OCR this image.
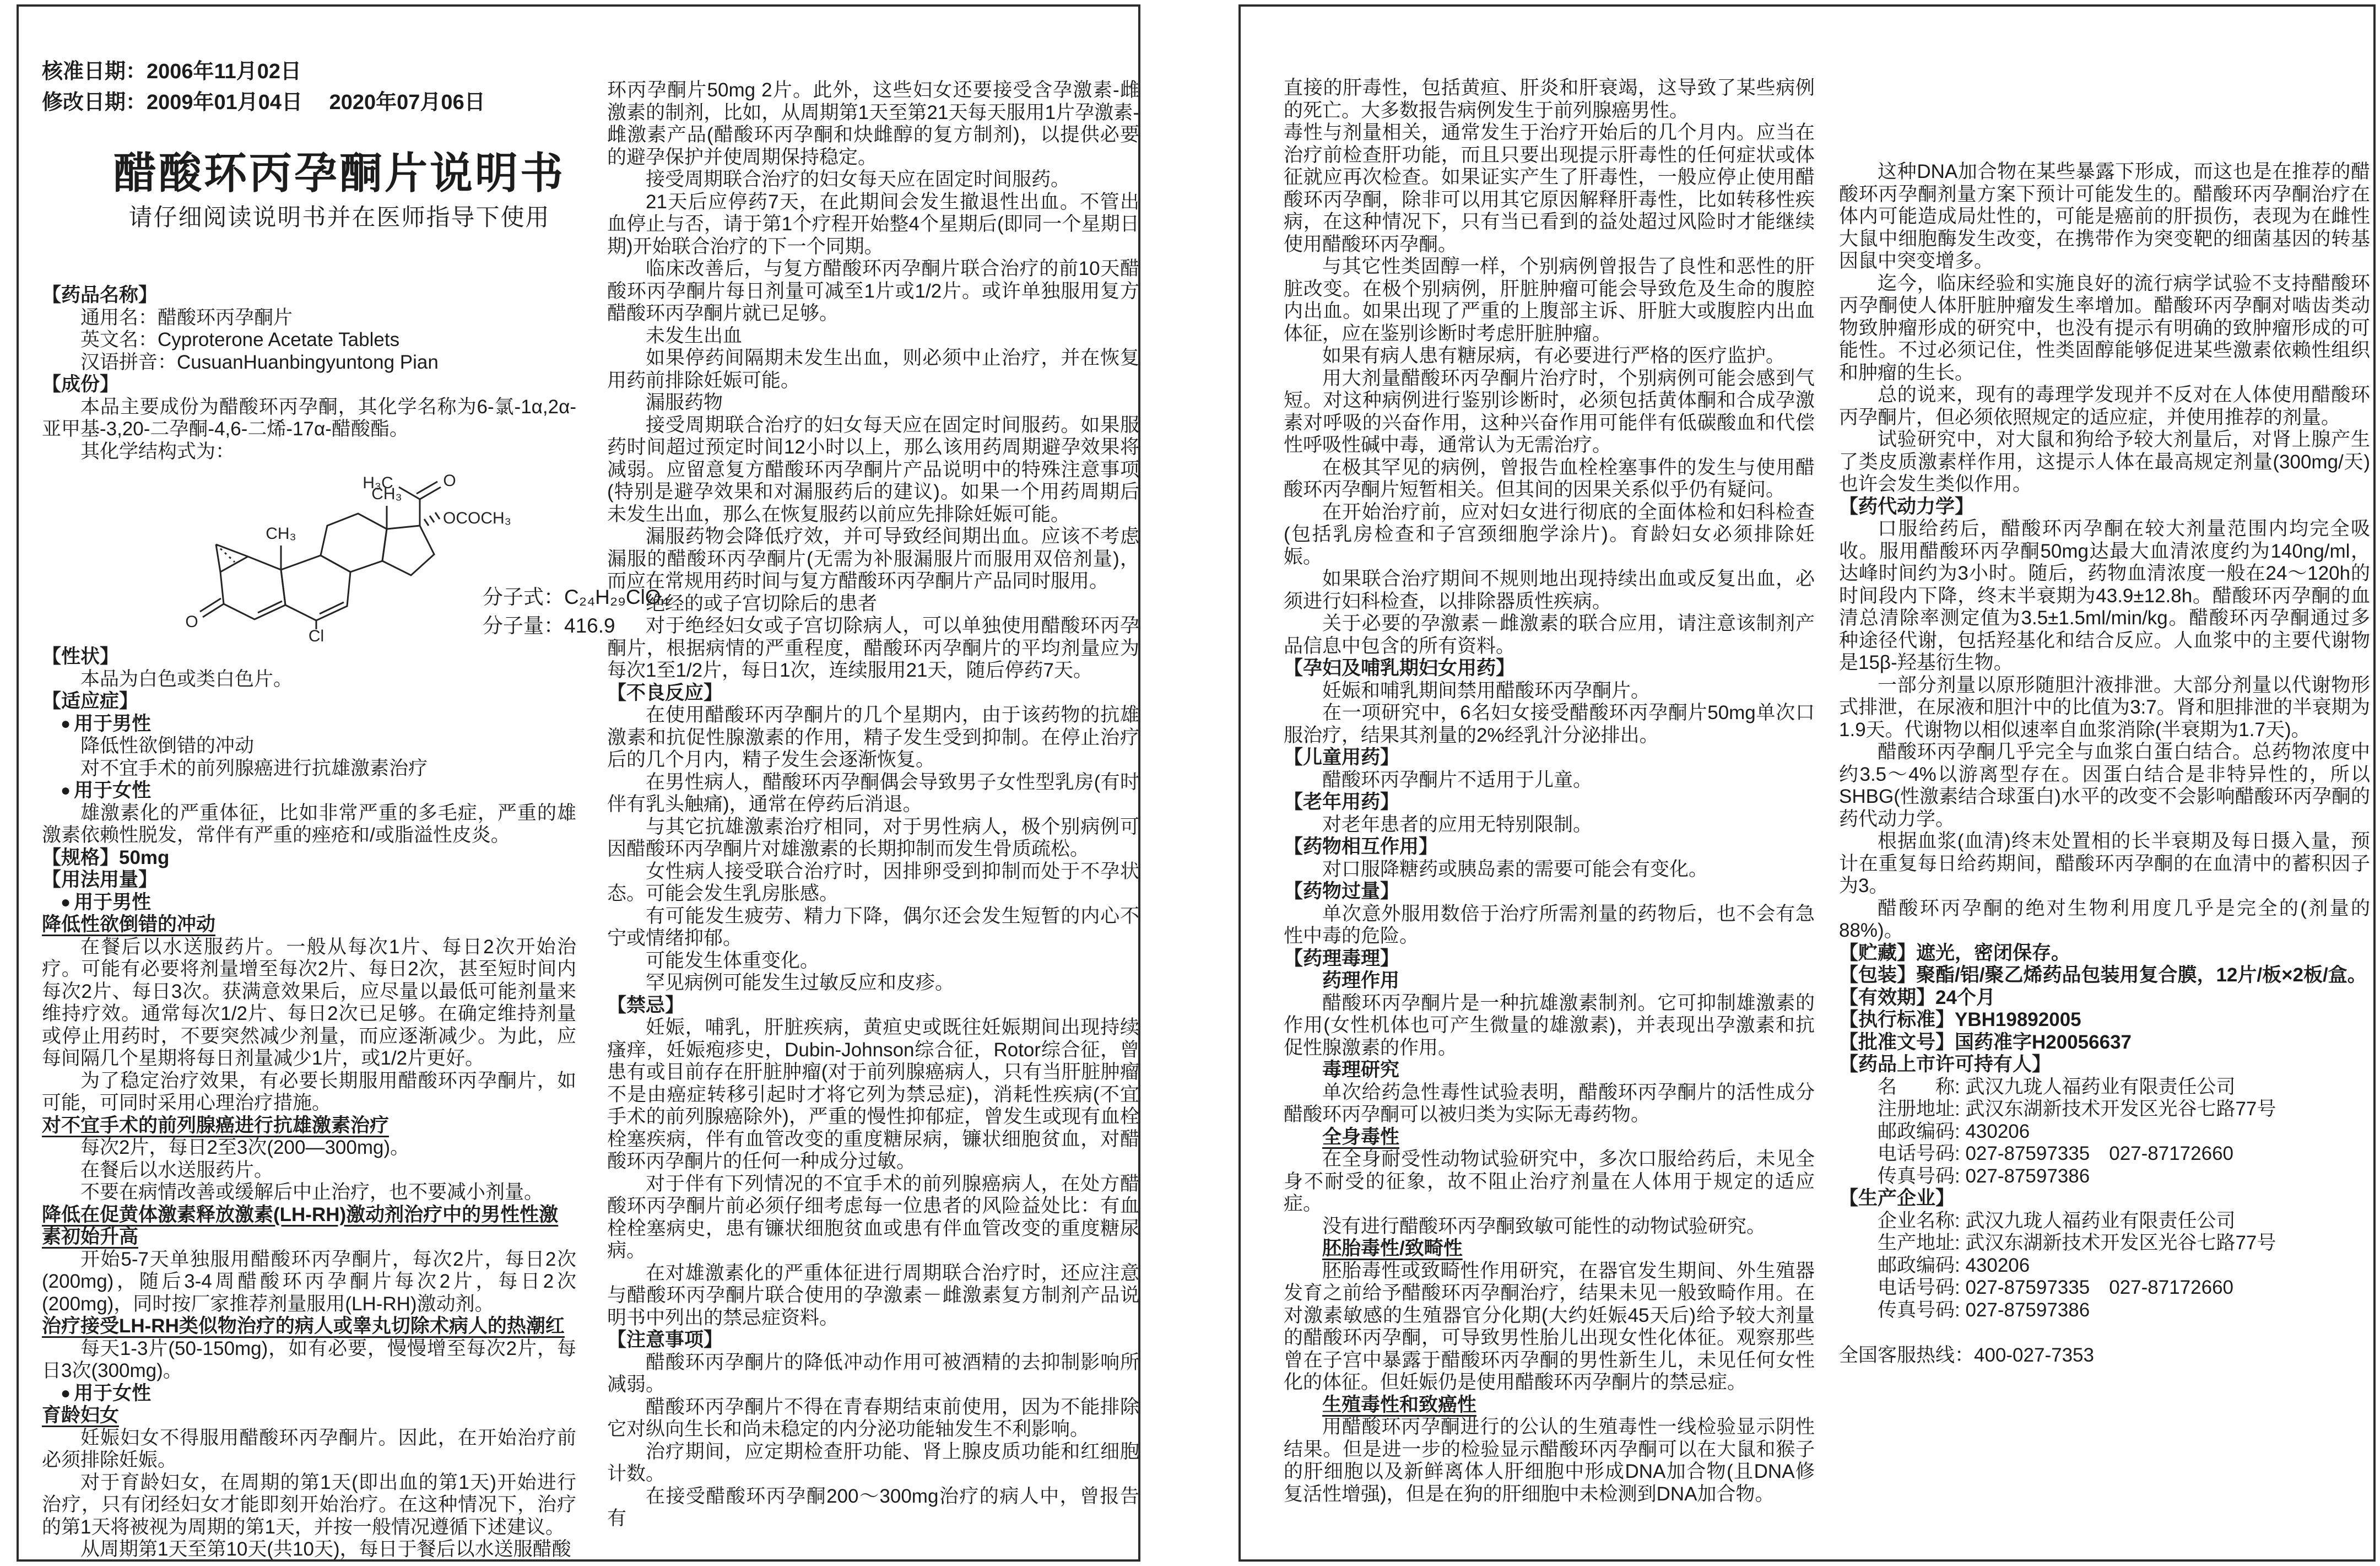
核准日期：2006年11月02日
修改日期：2009年01月04日　 2020年07月06日
醋酸环丙孕酮片说明书
请仔细阅读说明书并在医师指导下使用
【药品名称】
通用名：醋酸环丙孕酮片
英文名：Cyproterone Acetate Tablets
汉语拼音：CusuanHuanbingyuntong Pian
【成份】
本品主要成份为醋酸环丙孕酮，其化学名称为6-氯-1α,2α-亚甲基-3,20-二孕酮-4,6-二烯-17α-醋酸酯。
其化学结构式为：
H₃C	O
OCOCH₃
CH₃
CH₃
O
Cl
分子式：C₂₄H₂₉ClO₄
分子量：416.9
【性状】
本品为白色或类白色片。
【适应症】
● 用于男性
降低性欲倒错的冲动
对不宜手术的前列腺癌进行抗雄激素治疗
● 用于女性
雄激素化的严重体征，比如非常严重的多毛症，严重的雄激素依赖性脱发，常伴有严重的痤疮和/或脂溢性皮炎。
【规格】50mg
【用法用量】
● 用于男性
降低性欲倒错的冲动
在餐后以水送服药片。一般从每次1片、每日2次开始治疗。可能有必要将剂量增至每次2片、每日2次，甚至短时间内每次2片、每日3次。获满意效果后，应尽量以最低可能剂量来维持疗效。通常每次1/2片、每日2次已足够。在确定维持剂量或停止用药时，不要突然减少剂量，而应逐渐减少。为此，应每间隔几个星期将每日剂量减少1片，或1/2片更好。
为了稳定治疗效果，有必要长期服用醋酸环丙孕酮片，如可能，可同时采用心理治疗措施。
对不宜手术的前列腺癌进行抗雄激素治疗
每次2片，每日2至3次(200—300mg)。
在餐后以水送服药片。
不要在病情改善或缓解后中止治疗，也不要减小剂量。
降低在促黄体激素释放激素(LH-RH)激动剂治疗中的男性性激素初始升高
开始5-7天单独服用醋酸环丙孕酮片，每次2片，每日2次(200mg)，随后3-4周醋酸环丙孕酮片每次2片，每日2次(200mg)，同时按厂家推荐剂量服用(LH-RH)激动剂。
治疗接受LH-RH类似物治疗的病人或睾丸切除术病人的热潮红
每天1-3片(50-150mg)，如有必要，慢慢增至每次2片，每日3次(300mg)。
● 用于女性
育龄妇女
妊娠妇女不得服用醋酸环丙孕酮片。因此，在开始治疗前必须排除妊娠。
对于育龄妇女，在周期的第1天(即出血的第1天)开始进行治疗，只有闭经妇女才能即刻开始治疗。在这种情况下，治疗的第1天将被视为周期的第1天，并按一般情况遵循下述建议。
从周期第1天至第10天(共10天)，每日于餐后以水送服醋酸
环丙孕酮片50mg 2片。此外，这些妇女还要接受含孕激素-雌激素的制剂，比如，从周期第1天至第21天每天服用1片孕激素-雌激素产品(醋酸环丙孕酮和炔雌醇的复方制剂)，以提供必要的避孕保护并使周期保持稳定。
接受周期联合治疗的妇女每天应在固定时间服药。
21天后应停药7天，在此期间会发生撤退性出血。不管出血停止与否，请于第1个疗程开始整4个星期后(即同一个星期日期)开始联合治疗的下一个同期。
临床改善后，与复方醋酸环丙孕酮片联合治疗的前10天醋酸环丙孕酮片每日剂量可减至1片或1/2片。或许单独服用复方醋酸环丙孕酮片就已足够。
未发生出血
如果停药间隔期未发生出血，则必须中止治疗，并在恢复用药前排除妊娠可能。
漏服药物
接受周期联合治疗的妇女每天应在固定时间服药。如果服药时间超过预定时间12小时以上，那么该用药周期避孕效果将减弱。应留意复方醋酸环丙孕酮片产品说明中的特殊注意事项(特别是避孕效果和对漏服药后的建议)。如果一个用药周期后未发生出血，那么在恢复服药以前应先排除妊娠可能。
漏服药物会降低疗效，并可导致经间期出血。应该不考虑漏服的醋酸环丙孕酮片(无需为补服漏服片而服用双倍剂量)，而应在常规用药时间与复方醋酸环丙孕酮片产品同时服用。
绝经的或子宫切除后的患者
对于绝经妇女或子宫切除病人，可以单独使用醋酸环丙孕酮片，根据病情的严重程度，醋酸环丙孕酮片的平均剂量应为每次1至1/2片，每日1次，连续服用21天，随后停药7天。
【不良反应】
在使用醋酸环丙孕酮片的几个星期内，由于该药物的抗雄激素和抗促性腺激素的作用，精子发生受到抑制。在停止治疗后的几个月内，精子发生会逐渐恢复。
在男性病人，醋酸环丙孕酮偶会导致男子女性型乳房(有时伴有乳头触痛)，通常在停药后消退。
与其它抗雄激素治疗相同，对于男性病人，极个别病例可因醋酸环丙孕酮片对雄激素的长期抑制而发生骨质疏松。
女性病人接受联合治疗时，因排卵受到抑制而处于不孕状态。可能会发生乳房胀感。
有可能发生疲劳、精力下降，偶尔还会发生短暂的内心不宁或情绪抑郁。
可能发生体重变化。
罕见病例可能发生过敏反应和皮疹。
【禁忌】
妊娠，哺乳，肝脏疾病，黄疸史或既往妊娠期间出现持续瘙痒，妊娠疱疹史，Dubin-Johnson综合征，Rotor综合征，曾患有或目前存在肝脏肿瘤(对于前列腺癌病人，只有当肝脏肿瘤不是由癌症转移引起时才将它列为禁忌症)，消耗性疾病(不宜手术的前列腺癌除外)，严重的慢性抑郁症，曾发生或现有血栓栓塞疾病，伴有血管改变的重度糖尿病，镰状细胞贫血，对醋酸环丙孕酮片的任何一种成分过敏。
对于伴有下列情况的不宜手术的前列腺癌病人，在处方醋酸环丙孕酮片前必须仔细考虑每一位患者的风险益处比：有血栓栓塞病史，患有镰状细胞贫血或患有伴血管改变的重度糖尿病。
在对雄激素化的严重体征进行周期联合治疗时，还应注意与醋酸环丙孕酮片联合使用的孕激素－雌激素复方制剂产品说明书中列出的禁忌症资料。
【注意事项】
醋酸环丙孕酮片的降低冲动作用可被酒精的去抑制影响所减弱。
醋酸环丙孕酮片不得在青春期结束前使用，因为不能排除它对纵向生长和尚未稳定的内分泌功能轴发生不利影响。
治疗期间，应定期检查肝功能、肾上腺皮质功能和红细胞计数。
在接受醋酸环丙孕酮200～300mg治疗的病人中，曾报告有
直接的肝毒性，包括黄疸、肝炎和肝衰竭，这导致了某些病例的死亡。大多数报告病例发生于前列腺癌男性。
毒性与剂量相关，通常发生于治疗开始后的几个月内。应当在治疗前检查肝功能，而且只要出现提示肝毒性的任何症状或体征就应再次检查。如果证实产生了肝毒性，一般应停止使用醋酸环丙孕酮，除非可以用其它原因解释肝毒性，比如转移性疾病，在这种情况下，只有当已看到的益处超过风险时才能继续使用醋酸环丙孕酮。
与其它性类固醇一样，个别病例曾报告了良性和恶性的肝脏改变。在极个别病例，肝脏肿瘤可能会导致危及生命的腹腔内出血。如果出现了严重的上腹部主诉、肝脏大或腹腔内出血体征，应在鉴别诊断时考虑肝脏肿瘤。
如果有病人患有糖尿病，有必要进行严格的医疗监护。
用大剂量醋酸环丙孕酮片治疗时，个别病例可能会感到气短。对这种病例进行鉴别诊断时，必须包括黄体酮和合成孕激素对呼吸的兴奋作用，这种兴奋作用可能伴有低碳酸血和代偿性呼吸性碱中毒，通常认为无需治疗。
在极其罕见的病例，曾报告血栓栓塞事件的发生与使用醋酸环丙孕酮片短暂相关。但其间的因果关系似乎仍有疑问。
在开始治疗前，应对妇女进行彻底的全面体检和妇科检查(包括乳房检查和子宫颈细胞学涂片)。育龄妇女必须排除妊娠。
如果联合治疗期间不规则地出现持续出血或反复出血，必须进行妇科检查，以排除器质性疾病。
关于必要的孕激素－雌激素的联合应用，请注意该制剂产品信息中包含的所有资料。
【孕妇及哺乳期妇女用药】
妊娠和哺乳期间禁用醋酸环丙孕酮片。
在一项研究中，6名妇女接受醋酸环丙孕酮片50mg单次口服治疗，结果其剂量的2%经乳汁分泌排出。
【儿童用药】
醋酸环丙孕酮片不适用于儿童。
【老年用药】
对老年患者的应用无特别限制。
【药物相互作用】
对口服降糖药或胰岛素的需要可能会有变化。
【药物过量】
单次意外服用数倍于治疗所需剂量的药物后，也不会有急性中毒的危险。
【药理毒理】
药理作用
醋酸环丙孕酮片是一种抗雄激素制剂。它可抑制雄激素的作用(女性机体也可产生微量的雄激素)，并表现出孕激素和抗促性腺激素的作用。
毒理研究
单次给药急性毒性试验表明，醋酸环丙孕酮片的活性成分醋酸环丙孕酮可以被归类为实际无毒药物。
全身毒性
在全身耐受性动物试验研究中，多次口服给药后，未见全身不耐受的征象，故不阻止治疗剂量在人体用于规定的适应症。
没有进行醋酸环丙孕酮致敏可能性的动物试验研究。
胚胎毒性/致畸性
胚胎毒性或致畸性作用研究，在器官发生期间、外生殖器发育之前给予醋酸环丙孕酮治疗，结果未见一般致畸作用。在对激素敏感的生殖器官分化期(大约妊娠45天后)给予较大剂量的醋酸环丙孕酮，可导致男性胎儿出现女性化体征。观察那些曾在子宫中暴露于醋酸环丙孕酮的男性新生儿，未见任何女性化的体征。但妊娠仍是使用醋酸环丙孕酮片的禁忌症。
生殖毒性和致癌性
用醋酸环丙孕酮进行的公认的生殖毒性一线检验显示阴性结果。但是进一步的检验显示醋酸环丙孕酮可以在大鼠和猴子的肝细胞以及新鲜离体人肝细胞中形成DNA加合物(且DNA修复活性增强)，但是在狗的肝细胞中未检测到DNA加合物。
这种DNA加合物在某些暴露下形成，而这也是在推荐的醋酸环丙孕酮剂量方案下预计可能发生的。醋酸环丙孕酮治疗在体内可能造成局灶性的，可能是癌前的肝损伤，表现为在雌性大鼠中细胞酶发生改变，在携带作为突变靶的细菌基因的转基因鼠中突变增多。
迄今，临床经验和实施良好的流行病学试验不支持醋酸环丙孕酮使人体肝脏肿瘤发生率增加。醋酸环丙孕酮对啮齿类动物致肿瘤形成的研究中，也没有提示有明确的致肿瘤形成的可能性。不过必须记住，性类固醇能够促进某些激素依赖性组织和肿瘤的生长。
总的说来，现有的毒理学发现并不反对在人体使用醋酸环丙孕酮片，但必须依照规定的适应症，并使用推荐的剂量。
试验研究中，对大鼠和狗给予较大剂量后，对肾上腺产生了类皮质激素样作用，这提示人体在最高规定剂量(300mg/天)也许会发生类似作用。
【药代动力学】
口服给药后，醋酸环丙孕酮在较大剂量范围内均完全吸收。服用醋酸环丙孕酮50mg达最大血清浓度约为140ng/ml，达峰时间约为3小时。随后，药物血清浓度一般在24～120h的时间段内下降，终末半衰期为43.9±12.8h。醋酸环丙孕酮的血清总清除率测定值为3.5±1.5ml/min/kg。醋酸环丙孕酮通过多种途径代谢，包括羟基化和结合反应。人血浆中的主要代谢物是15β-羟基衍生物。
一部分剂量以原形随胆汁液排泄。大部分剂量以代谢物形式排泄，在尿液和胆汁中的比值为3:7。肾和胆排泄的半衰期为1.9天。代谢物以相似速率自血浆消除(半衰期为1.7天)。
醋酸环丙孕酮几乎完全与血浆白蛋白结合。总药物浓度中约3.5～4%以游离型存在。因蛋白结合是非特异性的，所以SHBG(性激素结合球蛋白)水平的改变不会影响醋酸环丙孕酮的药代动力学。
根据血浆(血清)终末处置相的长半衰期及每日摄入量，预计在重复每日给药期间，醋酸环丙孕酮的在血清中的蓄积因子为3。
醋酸环丙孕酮的绝对生物利用度几乎是完全的(剂量的88%)。
【贮藏】遮光，密闭保存。
【包装】聚酯/铝/聚乙烯药品包装用复合膜，12片/板×2板/盒。
【有效期】24个月
【执行标准】YBH19892005
【批准文号】国药准字H20056637
【药品上市许可持有人】
名　　称: 武汉九珑人福药业有限责任公司
注册地址: 武汉东湖新技术开发区光谷七路77号
邮政编码: 430206
电话号码: 027-87597335　027-87172660
传真号码: 027-87597386
【生产企业】
企业名称: 武汉九珑人福药业有限责任公司
生产地址: 武汉东湖新技术开发区光谷七路77号
邮政编码: 430206
电话号码: 027-87597335　027-87172660
传真号码: 027-87597386
全国客服热线：400-027-7353
